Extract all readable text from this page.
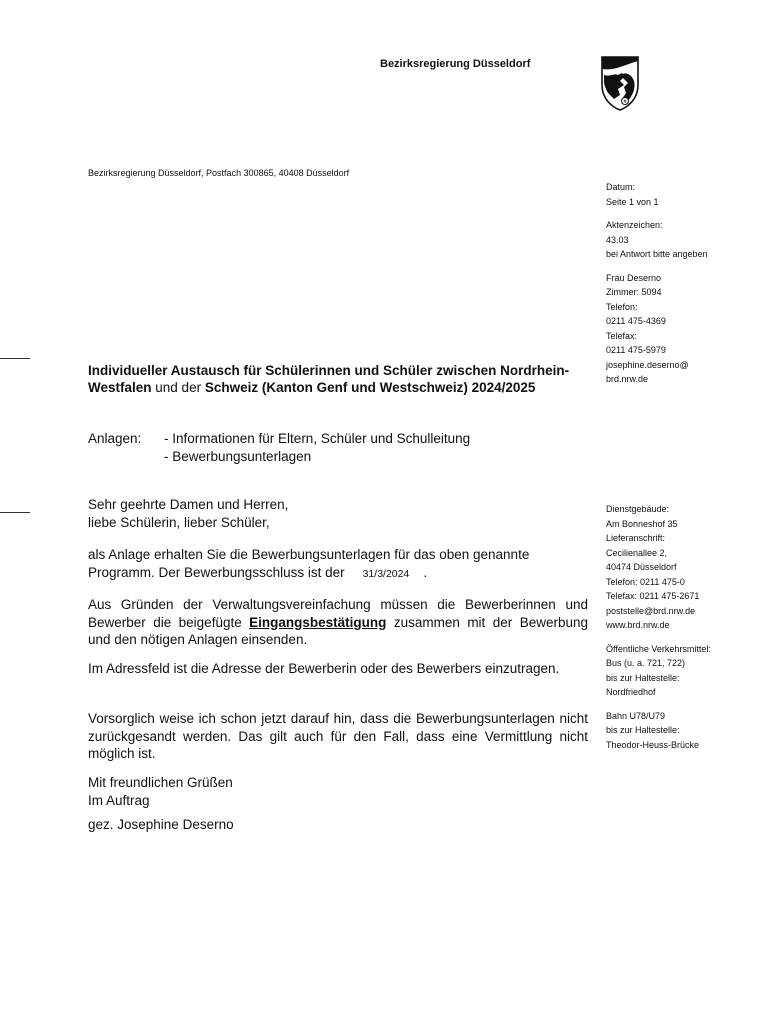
Bezirksregierung Düsseldorf
Bezirksregierung Düsseldorf, Postfach 300865, 40408 Düsseldorf
Datum:
Seite 1 von 1
Aktenzeichen:
43.03
bei Antwort bitte angeben
Frau Deserno
Zimmer: 5094
Telefon:
0211 475-4369
Telefax:
0211 475-5979
josephine.deserno@
brd.nrw.de
Dienstgebäude:
Am Bonneshof 35
Lieferanschrift:
Cecilienallee 2,
40474 Düsseldorf
Telefon: 0211 475-0
Telefax: 0211 475-2671
poststelle@brd.nrw.de
www.brd.nrw.de
Öffentliche Verkehrsmittel:
Bus (u. a. 721, 722)
bis zur Haltestelle:
Nordfriedhof
Bahn U78/U79
bis zur Haltestelle:
Theodor-Heuss-Brücke
Individueller Austausch für Schülerinnen und Schüler zwischen Nordrhein-Westfalen und der Schweiz (Kanton Genf und Westschweiz) 2024/2025
Anlagen: - Informationen für Eltern, Schüler und Schulleitung
- Bewerbungsunterlagen
Sehr geehrte Damen und Herren,
liebe Schülerin, lieber Schüler,
als Anlage erhalten Sie die Bewerbungsunterlagen für das oben genannte Programm. Der Bewerbungsschluss ist der 31/3/2024 .
Aus Gründen der Verwaltungsvereinfachung müssen die Bewerberinnen und Bewerber die beigefügte Eingangsbestätigung zusammen mit der Bewerbung und den nötigen Anlagen einsenden.
Im Adressfeld ist die Adresse der Bewerberin oder des Bewerbers einzutragen.
Vorsorglich weise ich schon jetzt darauf hin, dass die Bewerbungsunterlagen nicht zurückgesandt werden. Das gilt auch für den Fall, dass eine Vermittlung nicht möglich ist.
Mit freundlichen Grüßen
Im Auftrag
gez. Josephine Deserno
